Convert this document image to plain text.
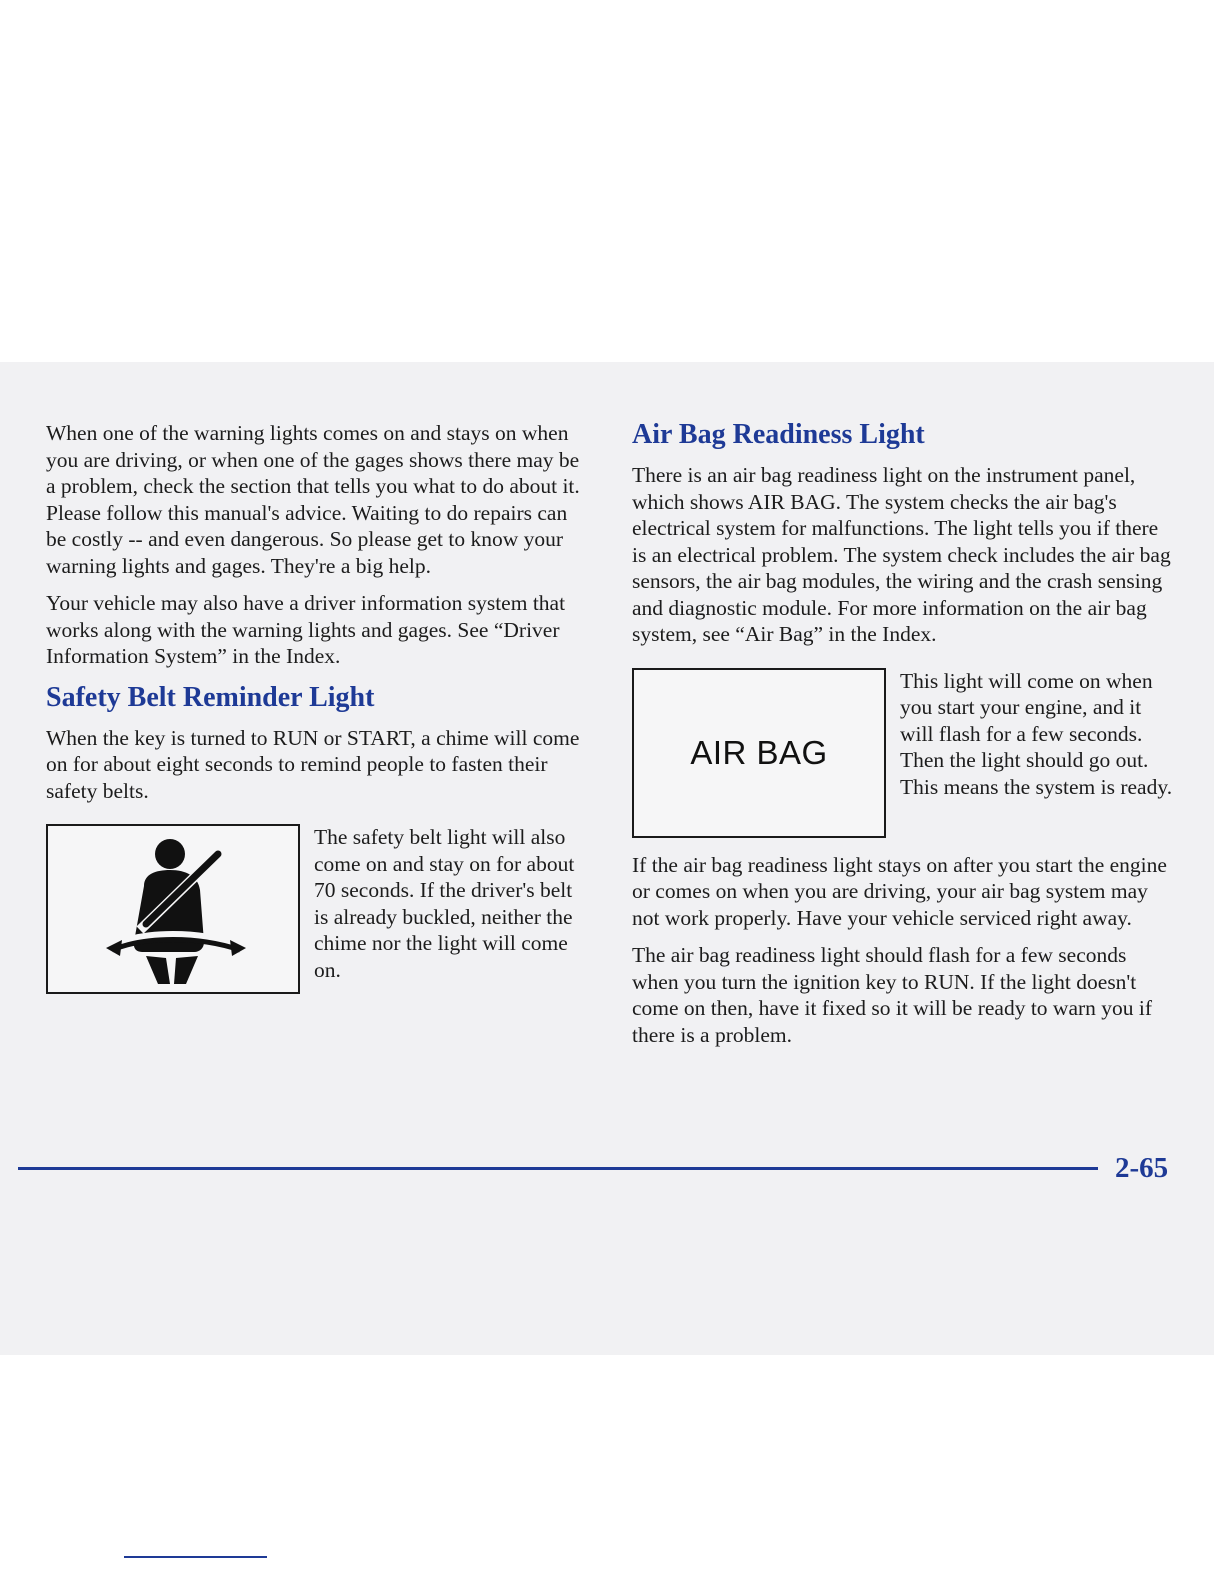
When one of the warning lights comes on and stays on when you are driving, or when one of the gages shows there may be a problem, check the section that tells you what to do about it. Please follow this manual's advice. Waiting to do repairs can be costly -- and even dangerous. So please get to know your warning lights and gages. They're a big help.

Your vehicle may also have a driver information system that works along with the warning lights and gages. See “Driver Information System” in the Index.

Safety Belt Reminder Light

When the key is turned to RUN or START, a chime will come on for about eight seconds to remind people to fasten their safety belts.

The safety belt light will also come on and stay on for about 70 seconds. If the driver's belt is already buckled, neither the chime nor the light will come on.

Air Bag Readiness Light

There is an air bag readiness light on the instrument panel, which shows AIR BAG. The system checks the air bag's electrical system for malfunctions. The light tells you if there is an electrical problem. The system check includes the air bag sensors, the air bag modules, the wiring and the crash sensing and diagnostic module. For more information on the air bag system, see “Air Bag” in the Index.

AIR BAG

This light will come on when you start your engine, and it will flash for a few seconds. Then the light should go out. This means the system is ready.

If the air bag readiness light stays on after you start the engine or comes on when you are driving, your air bag system may not work properly. Have your vehicle serviced right away.

The air bag readiness light should flash for a few seconds when you turn the ignition key to RUN. If the light doesn't come on then, have it fixed so it will be ready to warn you if there is a problem.

2-65
